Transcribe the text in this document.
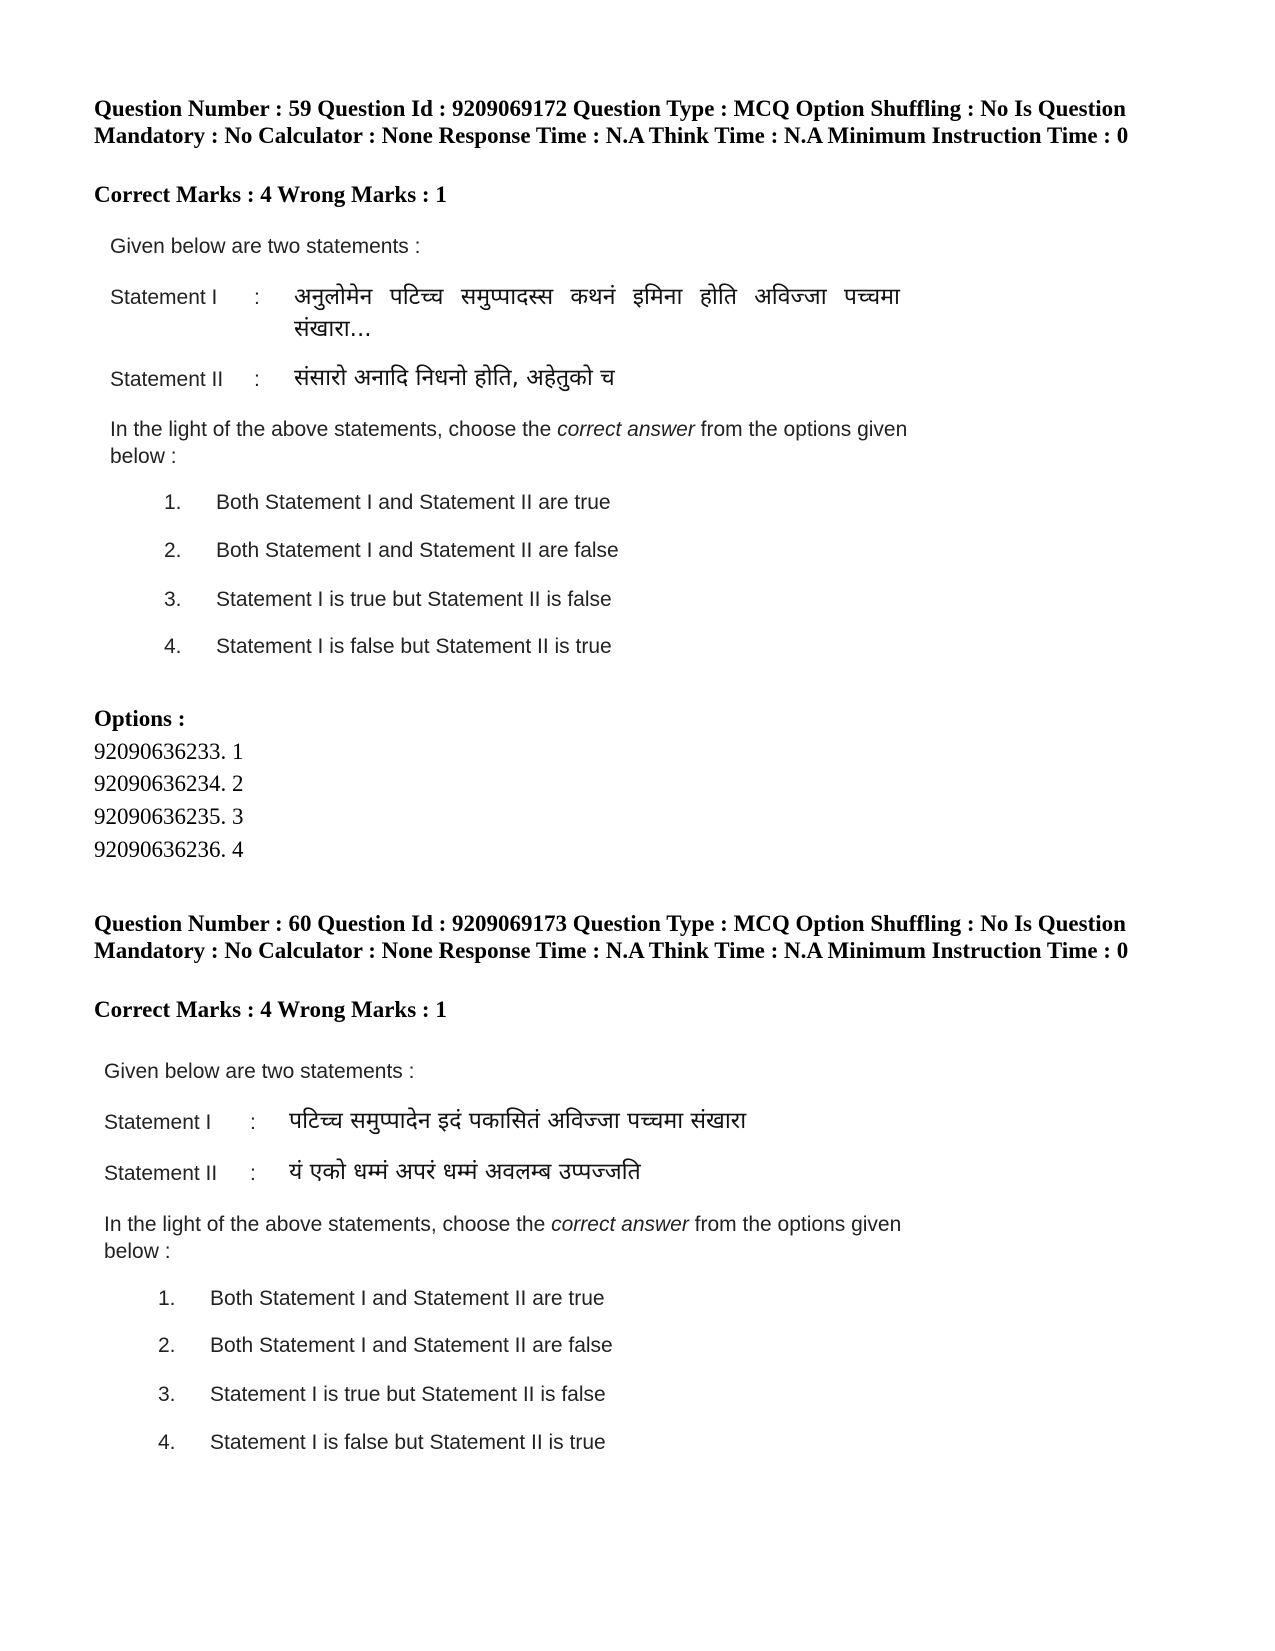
Question Number : 59 Question Id : 9209069172 Question Type : MCQ Option Shuffling : No Is Question Mandatory : No Calculator : None Response Time : N.A Think Time : N.A Minimum Instruction Time : 0

Correct Marks : 4 Wrong Marks : 1
Given below are two statements :
Statement I : अनुलोमेन पटिच्च समुप्पादस्स कथनं इमिना होति अविज्जा पच्चमा संखारा...
Statement II : संसारो अनादि निधनो होति, अहेतुको च
In the light of the above statements, choose the correct answer from the options given below :
1. Both Statement I and Statement II are true
2. Both Statement I and Statement II are false
3. Statement I is true but Statement II is false
4. Statement I is false but Statement II is true
Options :
92090636233. 1
92090636234. 2
92090636235. 3
92090636236. 4

Question Number : 60 Question Id : 9209069173 Question Type : MCQ Option Shuffling : No Is Question Mandatory : No Calculator : None Response Time : N.A Think Time : N.A Minimum Instruction Time : 0

Correct Marks : 4 Wrong Marks : 1
Given below are two statements :
Statement I : पटिच्च समुप्पादेन इदं पकासितं अविज्जा पच्चमा संखारा
Statement II : यं एको धम्मं अपरं धम्मं अवलम्ब उप्पज्जति
In the light of the above statements, choose the correct answer from the options given below :
1. Both Statement I and Statement II are true
2. Both Statement I and Statement II are false
3. Statement I is true but Statement II is false
4. Statement I is false but Statement II is true
